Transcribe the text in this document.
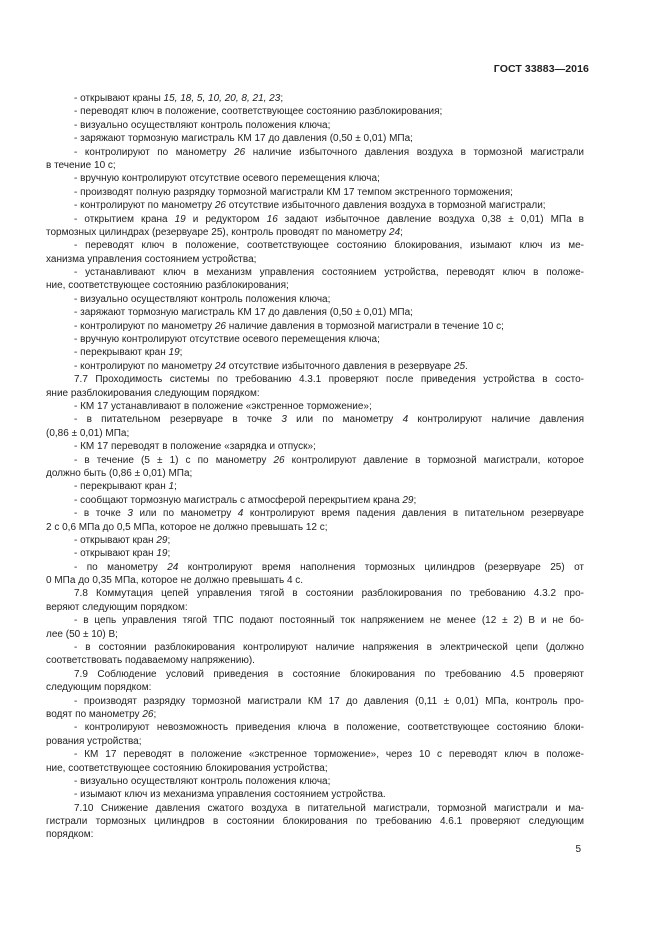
ГОСТ 33883—2016
- открывают краны 15, 18, 5, 10, 20, 8, 21, 23;
- переводят ключ в положение, соответствующее состоянию разблокирования;
- визуально осуществляют контроль положения ключа;
- заряжают тормозную магистраль КМ 17 до давления (0,50 ± 0,01) МПа;
- контролируют по манометру 26 наличие избыточного давления воздуха в тормозной магистрали
в течение 10 с;
- вручную контролируют отсутствие осевого перемещения ключа;
- производят полную разрядку тормозной магистрали КМ 17 темпом экстренного торможения;
- контролируют по манометру 26 отсутствие избыточного давления воздуха в тормозной магистрали;
- открытием крана 19 и редуктором 16 задают избыточное давление воздуха 0,38 ± 0,01) МПа в
тормозных цилиндрах (резервуаре 25), контроль проводят по манометру 24;
- переводят ключ в положение, соответствующее состоянию блокирования, изымают ключ из ме-
ханизма управления состоянием устройства;
- устанавливают ключ в механизм управления состоянием устройства, переводят ключ в положе-
ние, соответствующее состоянию разблокирования;
- визуально осуществляют контроль положения ключа;
- заряжают тормозную магистраль КМ 17 до давления (0,50 ± 0,01) МПа;
- контролируют по манометру 26 наличие давления в тормозной магистрали в течение 10 с;
- вручную контролируют отсутствие осевого перемещения ключа;
- перекрывают кран 19;
- контролируют по манометру 24 отсутствие избыточного давления в резервуаре 25.
7.7 Проходимость системы по требованию 4.3.1 проверяют после приведения устройства в состо-
яние разблокирования следующим порядком:
- КМ 17 устанавливают в положение «экстренное торможение»;
- в питательном резервуаре в точке 3 или по манометру 4 контролируют наличие давления
(0,86 ± 0,01) МПа;
- КМ 17 переводят в положение «зарядка и отпуск»;
- в течение (5 ± 1) с по манометру 26 контролируют давление в тормозной магистрали, которое
должно быть (0,86 ± 0,01) МПа;
- перекрывают кран 1;
- сообщают тормозную магистраль с атмосферой перекрытием крана 29;
- в точке 3 или по манометру 4 контролируют время падения давления в питательном резервуаре
2 с 0,6 МПа до 0,5 МПа, которое не должно превышать 12 с;
- открывают кран 29;
- открывают кран 19;
- по манометру 24 контролируют время наполнения тормозных цилиндров (резервуаре 25) от
0 МПа до 0,35 МПа, которое не должно превышать 4 с.
7.8 Коммутация цепей управления тягой в состоянии разблокирования по требованию 4.3.2 про-
веряют следующим порядком:
- в цепь управления тягой ТПС подают постоянный ток напряжением не менее (12 ± 2) В и не бо-
лее (50 ± 10) В;
- в состоянии разблокирования контролируют наличие напряжения в электрической цепи (должно
соответствовать подаваемому напряжению).
7.9 Соблюдение условий приведения в состояние блокирования по требованию 4.5 проверяют
следующим порядком:
- производят разрядку тормозной магистрали КМ 17 до давления (0,11 ± 0,01) МПа, контроль про-
водят по манометру 26;
- контролируют невозможность приведения ключа в положение, соответствующее состоянию блоки-
рования устройства;
- КМ 17 переводят в положение «экстренное торможение», через 10 с переводят ключ в положе-
ние, соответствующее состоянию блокирования устройства;
- визуально осуществляют контроль положения ключа;
- изымают ключ из механизма управления состоянием устройства.
7.10 Снижение давления сжатого воздуха в питательной магистрали, тормозной магистрали и ма-
гистрали тормозных цилиндров в состоянии блокирования по требованию 4.6.1 проверяют следующим
порядком:
5
